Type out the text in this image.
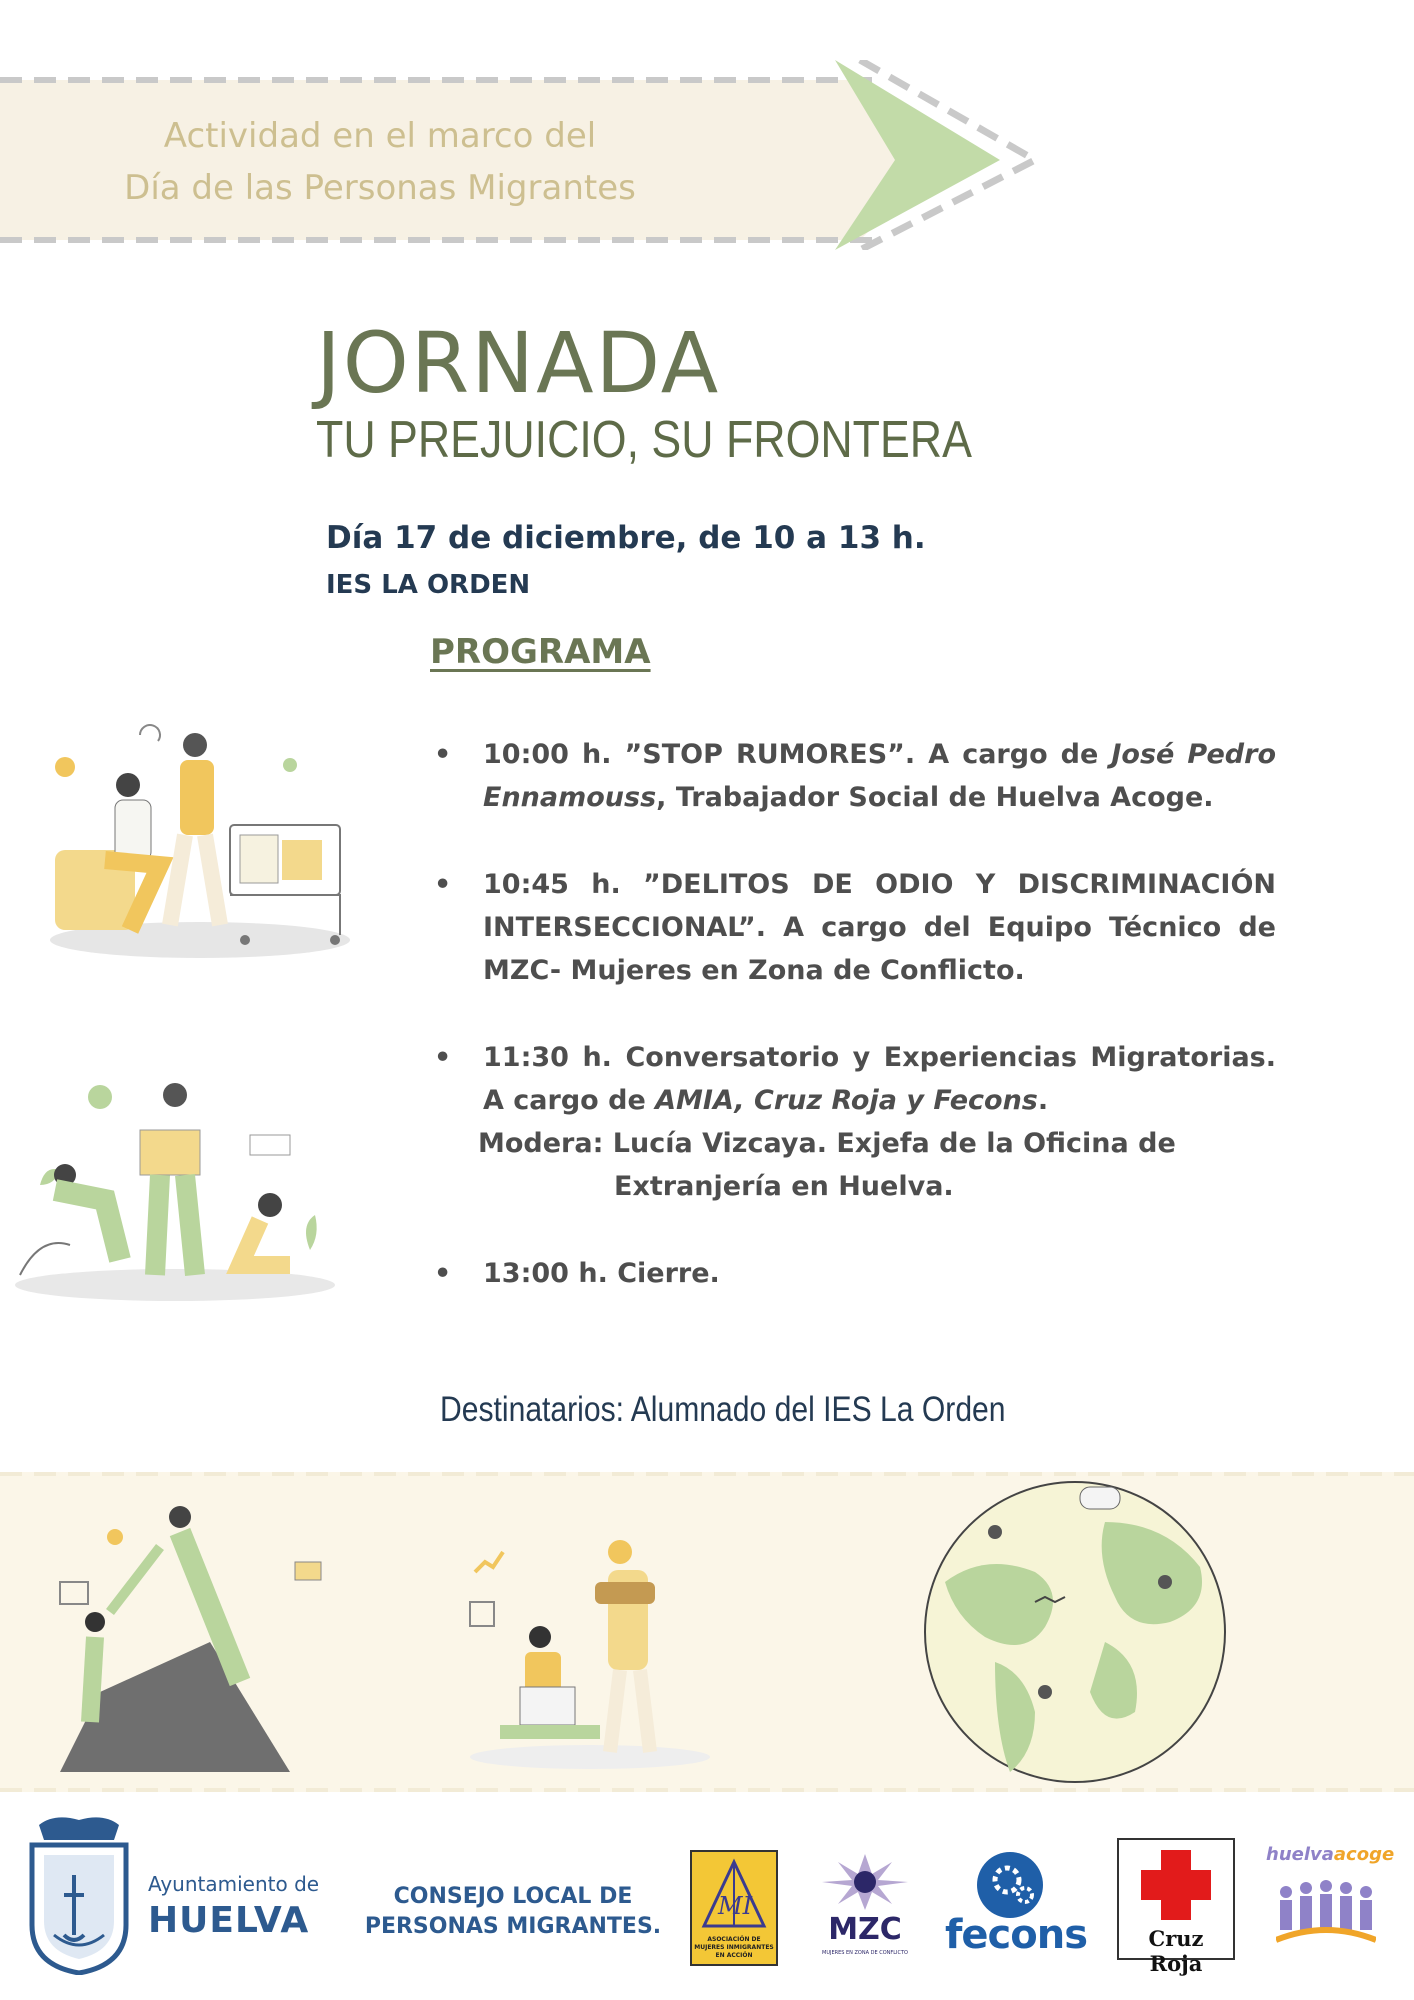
Actividad en el marco del
Día de las Personas Migrantes
JORNADA
TU PREJUICIO, SU FRONTERA
Día 17 de diciembre, de 10 a 13 h.
IES LA ORDEN
PROGRAMA
• 10:00 h. ”STOP RUMORES”. A cargo de José Pedro Ennamouss, Trabajador Social de Huelva Acoge.
• 10:45 h. ”DELITOS DE ODIO Y DISCRIMINACIÓN INTERSECCIONAL”. A cargo del Equipo Técnico de MZC- Mujeres en Zona de Conflicto.
• 11:30 h. Conversatorio y Experiencias Migratorias. A cargo de AMIA, Cruz Roja y Fecons.
Modera: Lucía Vizcaya. Exjefa de la Oficina de
Extranjería en Huelva.
• 13:00 h. Cierre.
Destinatarios: Alumnado del IES La Orden
Ayuntamiento de
HUELVA
CONSEJO LOCAL DE
PERSONAS MIGRANTES.
MI
ASOCIACIÓN DE MUJERES INMIGRANTES EN ACCIÓN
MZC
MUJERES EN ZONA DE CONFLICTO fecons	Cruz Roja
huelvaacoge
